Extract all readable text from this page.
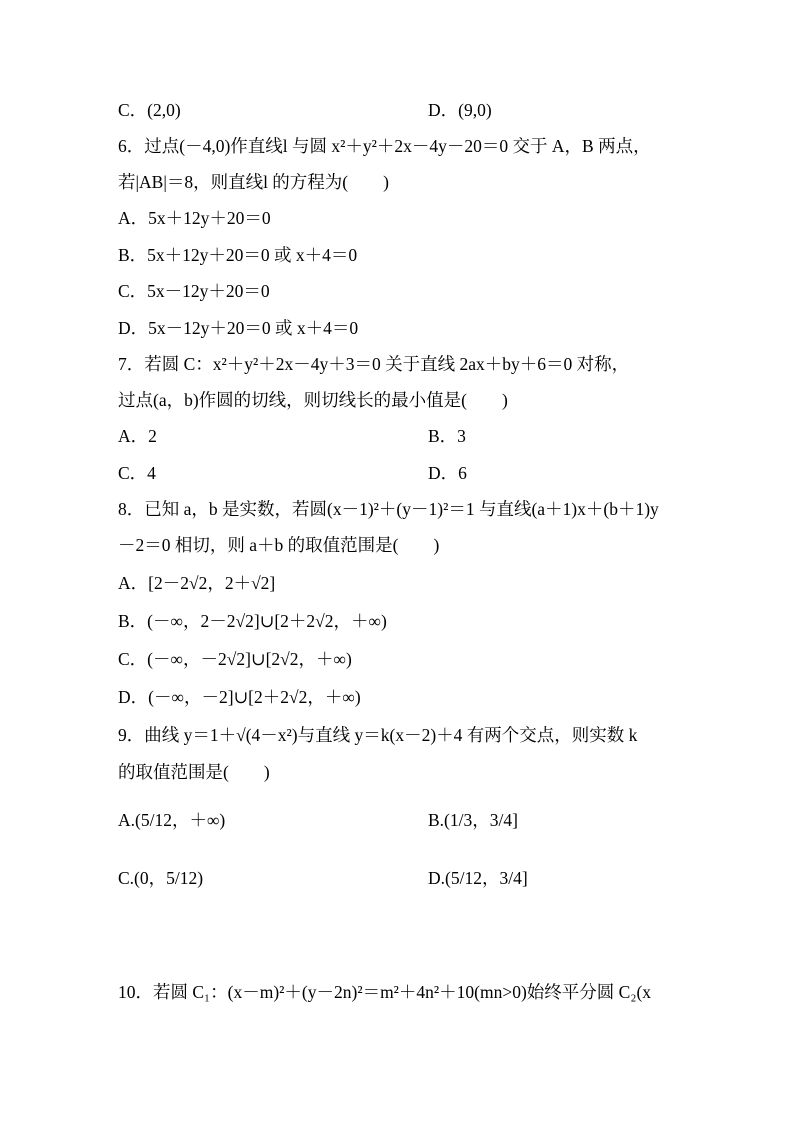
C．(2,0)	D．(9,0)
6．过点(－4,0)作直线l 与圆 x²＋y²＋2x－4y－20＝0 交于 A，B 两点，
若|AB|＝8，则直线l 的方程为(　　)
A．5x＋12y＋20＝0
B．5x＋12y＋20＝0 或 x＋4＝0
C．5x－12y＋20＝0
D．5x－12y＋20＝0 或 x＋4＝0
7．若圆 C：x²＋y²＋2x－4y＋3＝0 关于直线 2ax＋by＋6＝0 对称，
过点(a，b)作圆的切线，则切线长的最小值是(　　)
A．2	B．3
C．4	D．6
8．已知 a，b 是实数，若圆(x－1)²＋(y－1)²＝1 与直线(a＋1)x＋(b＋1)y
－2＝0 相切，则 a＋b 的取值范围是(　　)
A．[2－2√2，2＋√2]
B．(－∞，2－2√2]∪[2＋2√2，＋∞)
C．(－∞，－2√2]∪[2√2，＋∞)
D．(－∞，－2]∪[2＋2√2，＋∞)
9．曲线 y＝1＋√(4－x²)与直线 y＝k(x－2)＋4 有两个交点，则实数 k
的取值范围是(　　)
A.(5/12，＋∞)	B.(1/3，3/4]
C.(0，5/12)	D.(5/12，3/4]
10．若圆 C₁：(x－m)²＋(y－2n)²＝m²＋4n²＋10(mn>0)始终平分圆 C₂(x
